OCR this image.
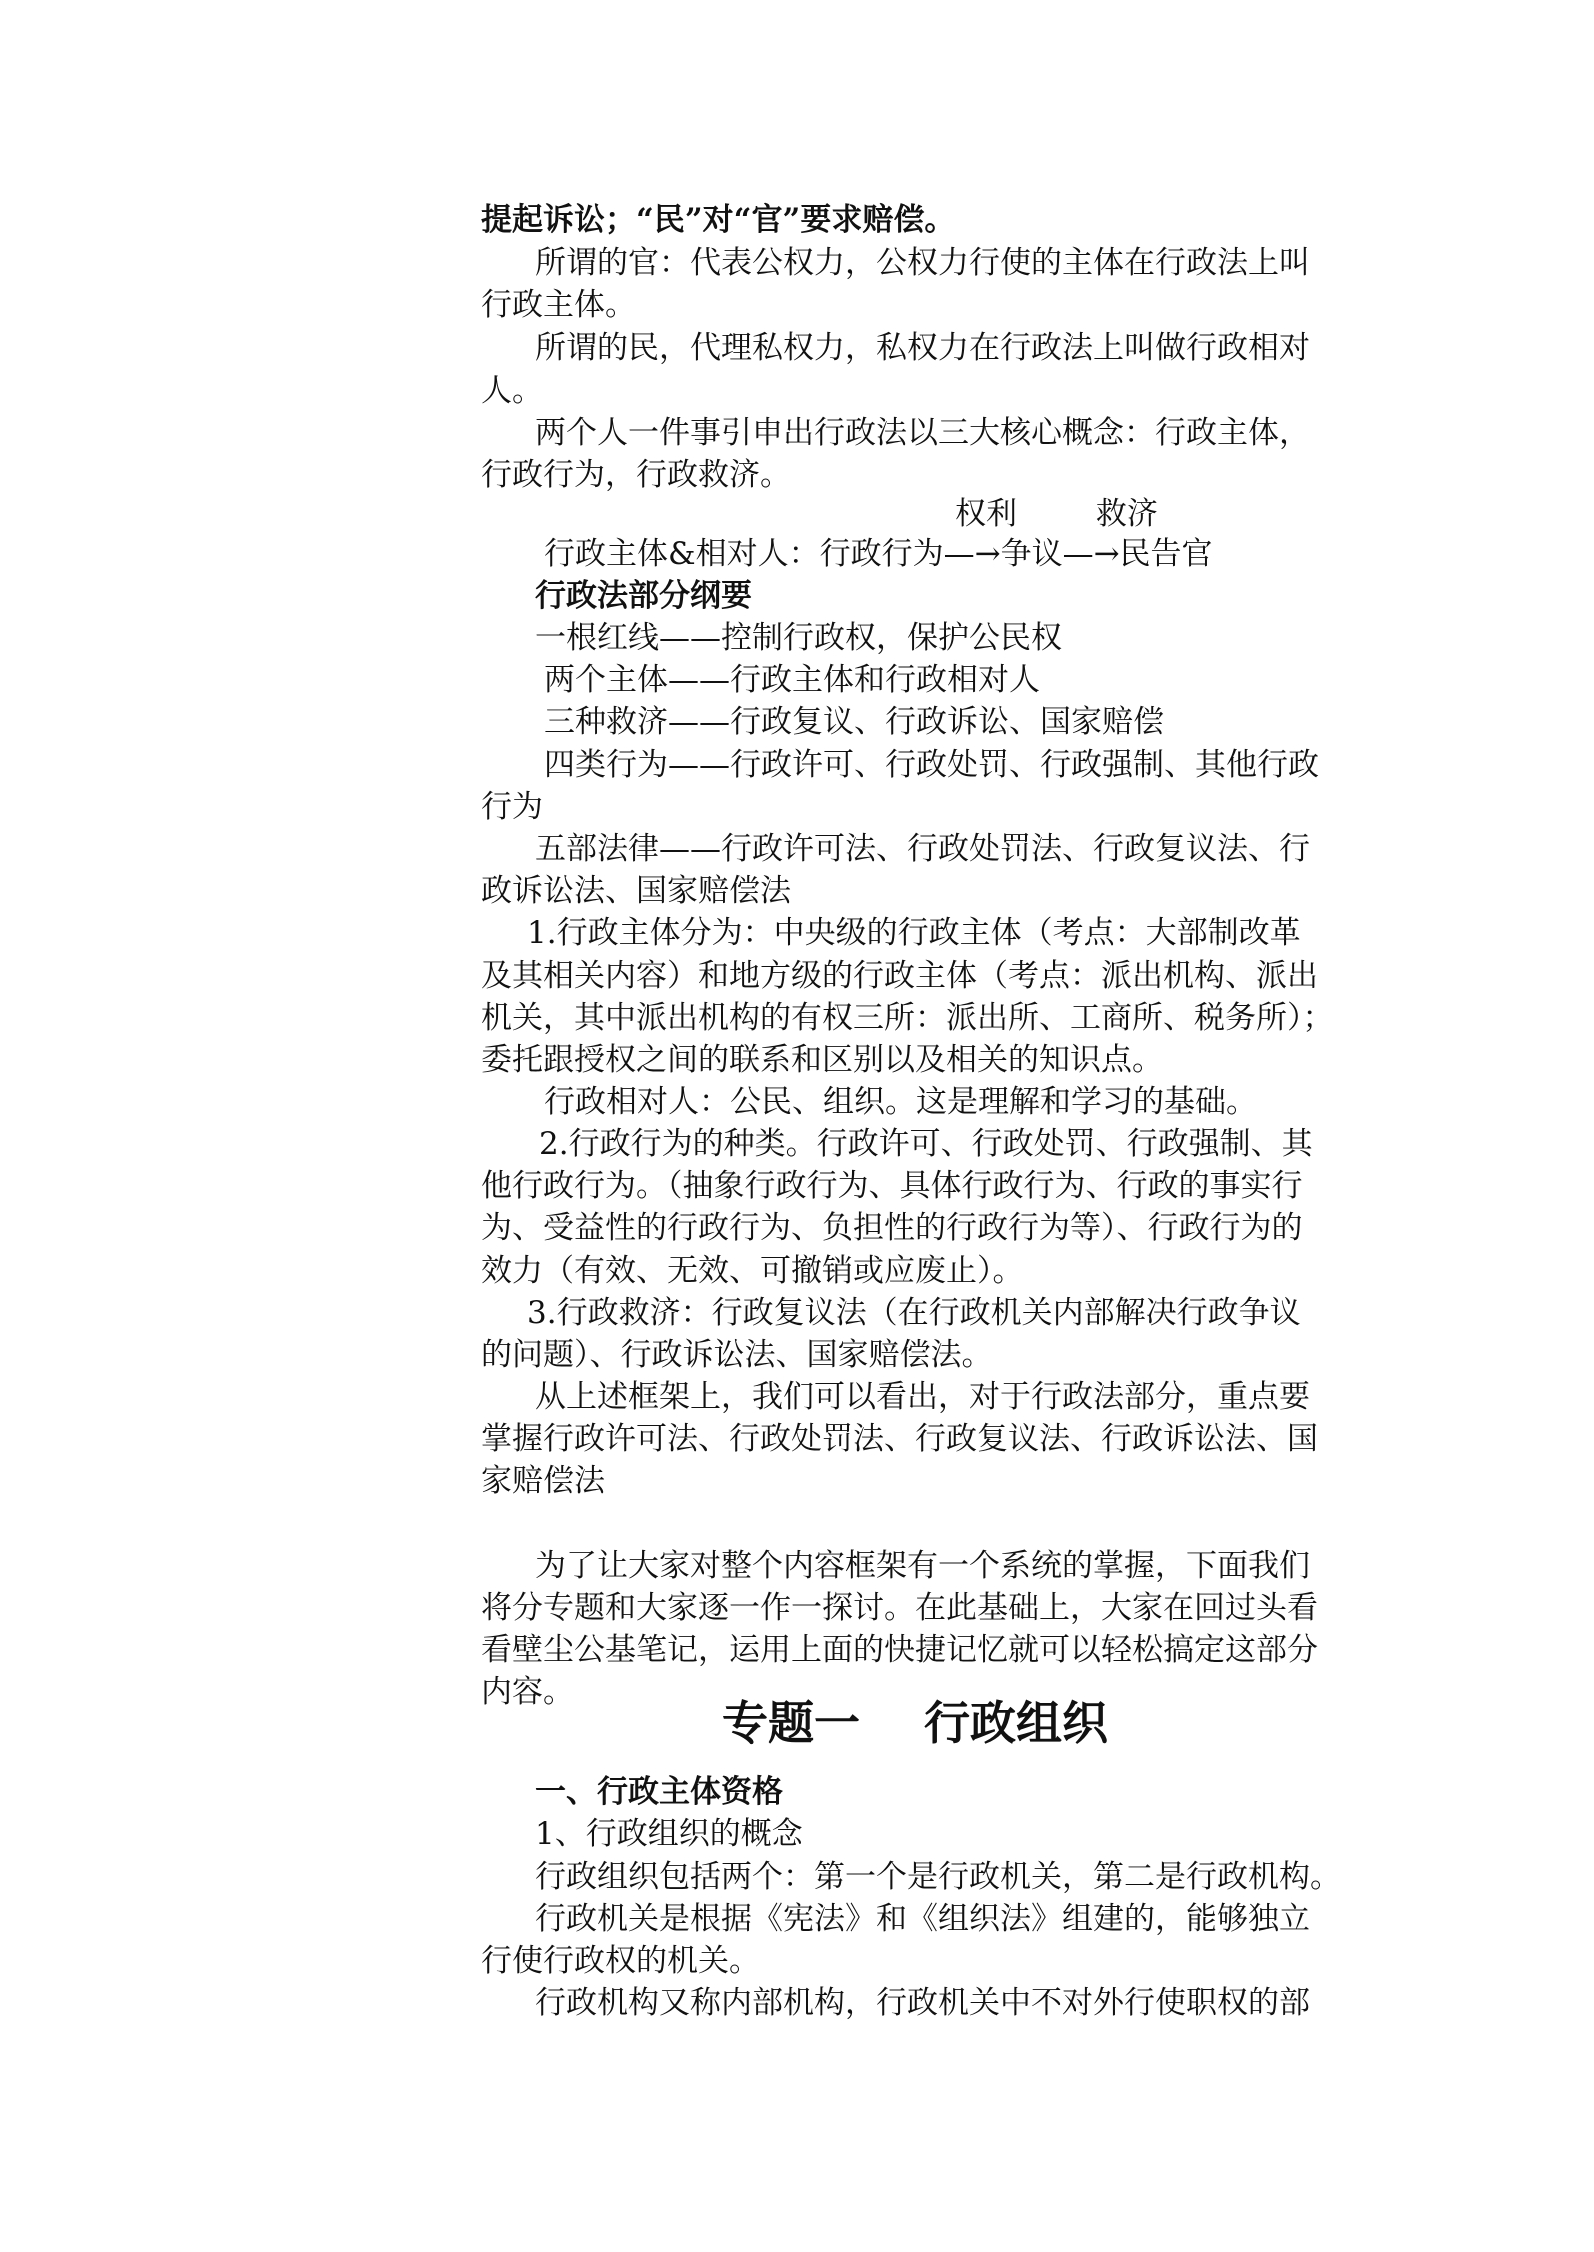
提起诉讼；“民”对“官”要求赔偿。
所谓的官：代表公权力，公权力行使的主体在行政法上叫
行政主体。
所谓的民，代理私权力，私权力在行政法上叫做行政相对
人。
两个人一件事引申出行政法以三大核心概念：行政主体，
行政行为，行政救济。
权利        救济
行政主体&相对人：行政行为—→争议—→民告官
行政法部分纲要
一根红线——控制行政权，保护公民权
两个主体——行政主体和行政相对人
三种救济——行政复议、行政诉讼、国家赔偿
四类行为——行政许可、行政处罚、行政强制、其他行政
行为
五部法律——行政许可法、行政处罚法、行政复议法、行
政诉讼法、国家赔偿法
1.行政主体分为：中央级的行政主体（考点：大部制改革
及其相关内容）和地方级的行政主体（考点：派出机构、派出
机关，其中派出机构的有权三所：派出所、工商所、税务所）；
委托跟授权之间的联系和区别以及相关的知识点。
行政相对人：公民、组织。这是理解和学习的基础。
2.行政行为的种类。行政许可、行政处罚、行政强制、其
他行政行为。（抽象行政行为、具体行政行为、行政的事实行
为、受益性的行政行为、负担性的行政行为等）、行政行为的
效力（有效、无效、可撤销或应废止）。
3.行政救济：行政复议法（在行政机关内部解决行政争议
的问题）、行政诉讼法、国家赔偿法。
从上述框架上，我们可以看出，对于行政法部分，重点要
掌握行政许可法、行政处罚法、行政复议法、行政诉讼法、国
家赔偿法
为了让大家对整个内容框架有一个系统的掌握，下面我们
将分专题和大家逐一作一探讨。在此基础上，大家在回过头看
看壁尘公基笔记，运用上面的快捷记忆就可以轻松搞定这部分
内容。
专题一    行政组织
一、行政主体资格
1、行政组织的概念
行政组织包括两个：第一个是行政机关，第二是行政机构。
行政机关是根据《宪法》和《组织法》组建的，能够独立
行使行政权的机关。
行政机构又称内部机构，行政机关中不对外行使职权的部
